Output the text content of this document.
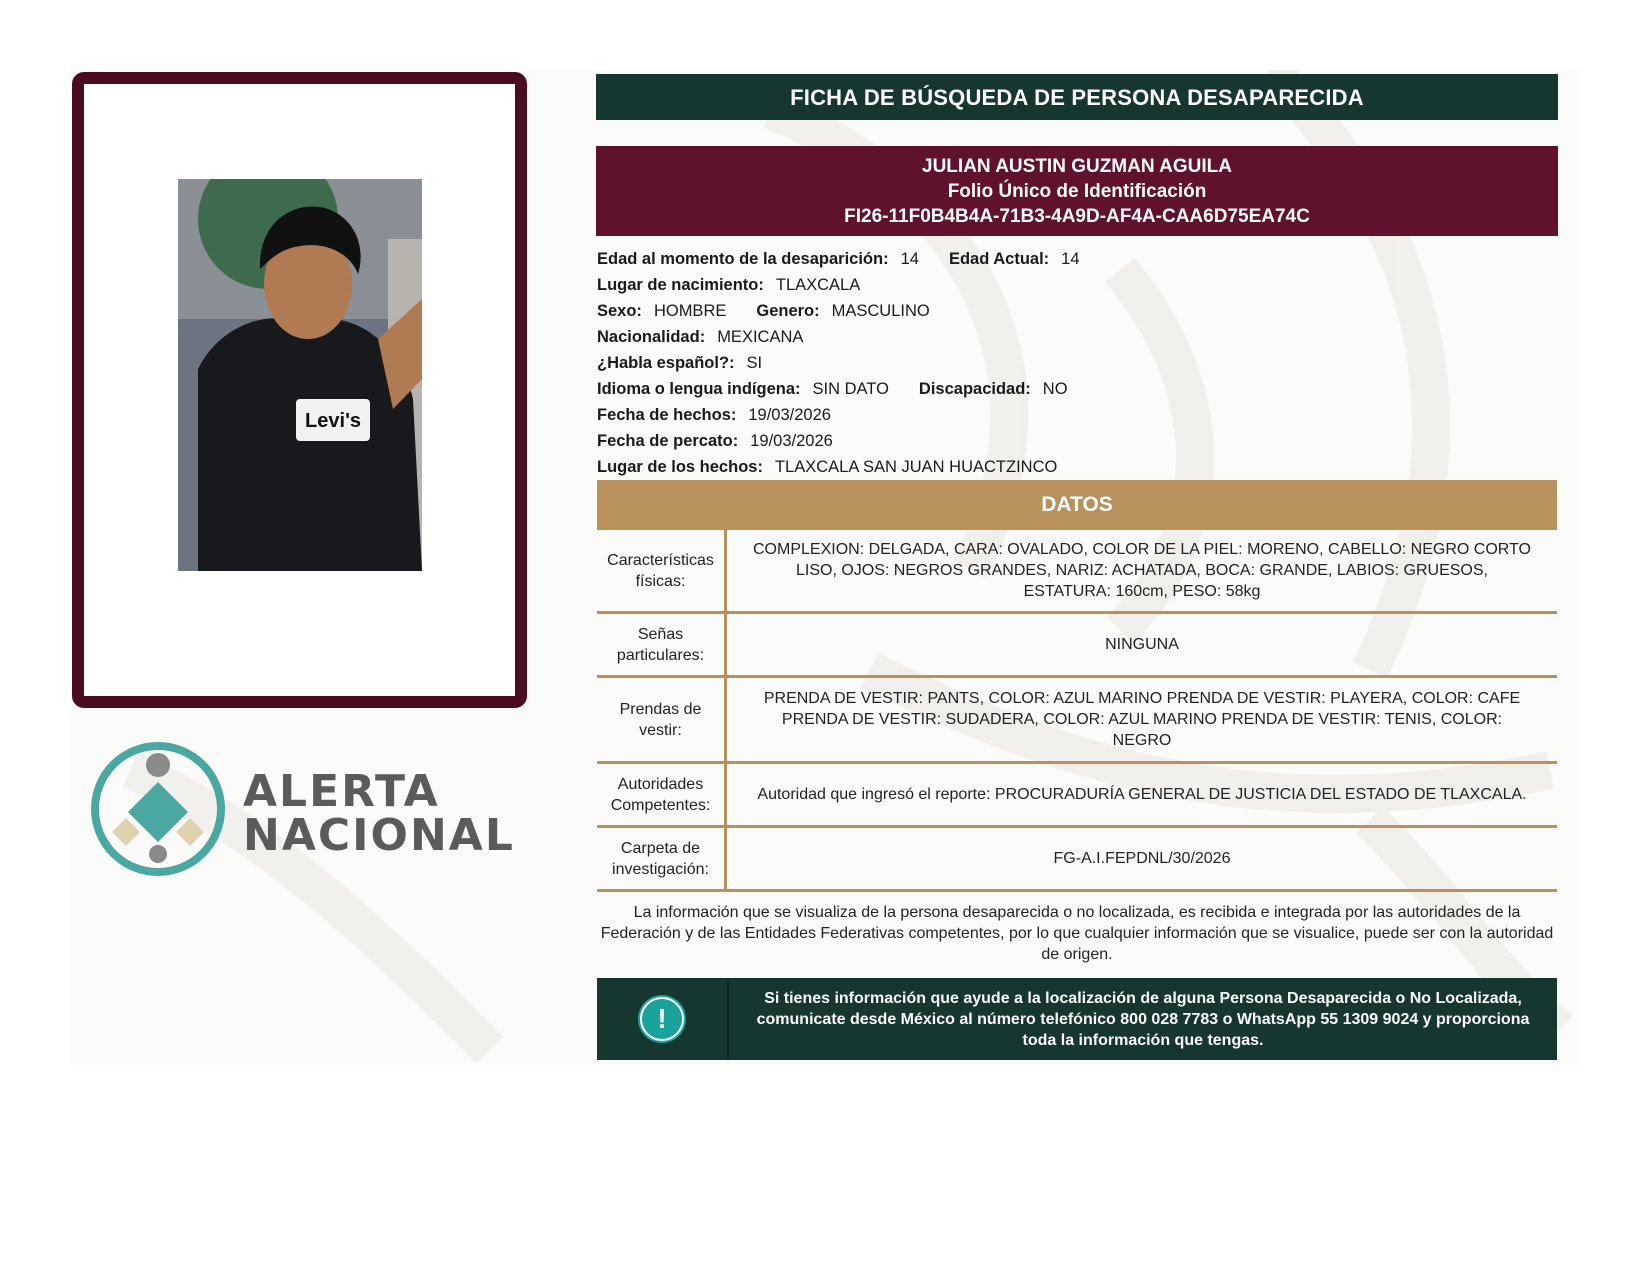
Levi's
ALERTA
NACIONAL
FICHA DE BÚSQUEDA DE PERSONA DESAPARECIDA
JULIAN AUSTIN GUZMAN AGUILA
Folio Único de Identificación
FI26-11F0B4B4A-71B3-4A9D-AF4A-CAA6D75EA74C
Edad al momento de la desaparición: 14 Edad Actual: 14
Lugar de nacimiento: TLAXCALA
Sexo: HOMBRE Genero: MASCULINO
Nacionalidad: MEXICANA
¿Habla español?: SI
Idioma o lengua indígena: SIN DATO Discapacidad: NO
Fecha de hechos: 19/03/2026
Fecha de percato: 19/03/2026
Lugar de los hechos: TLAXCALA SAN JUAN HUACTZINCO
DATOS
Características físicas:
COMPLEXION: DELGADA, CARA: OVALADO, COLOR DE LA PIEL: MORENO, CABELLO: NEGRO CORTO LISO, OJOS: NEGROS GRANDES, NARIZ: ACHATADA, BOCA: GRANDE, LABIOS: GRUESOS, ESTATURA: 160cm, PESO: 58kg
Señas particulares:
NINGUNA
Prendas de vestir:
PRENDA DE VESTIR: PANTS, COLOR: AZUL MARINO PRENDA DE VESTIR: PLAYERA, COLOR: CAFE PRENDA DE VESTIR: SUDADERA, COLOR: AZUL MARINO PRENDA DE VESTIR: TENIS, COLOR: NEGRO
Autoridades Competentes:
Autoridad que ingresó el reporte: PROCURADURÍA GENERAL DE JUSTICIA DEL ESTADO DE TLAXCALA.
Carpeta de investigación:
FG-A.I.FEPDNL/30/2026
La información que se visualiza de la persona desaparecida o no localizada, es recibida e integrada por las autoridades de la Federación y de las Entidades Federativas competentes, por lo que cualquier información que se visualice, puede ser con la autoridad de origen.
!
Si tienes información que ayude a la localización de alguna Persona Desaparecida o No Localizada, comunicate desde México al número telefónico 800 028 7783 o WhatsApp 55 1309 9024 y proporciona toda la información que tengas.
